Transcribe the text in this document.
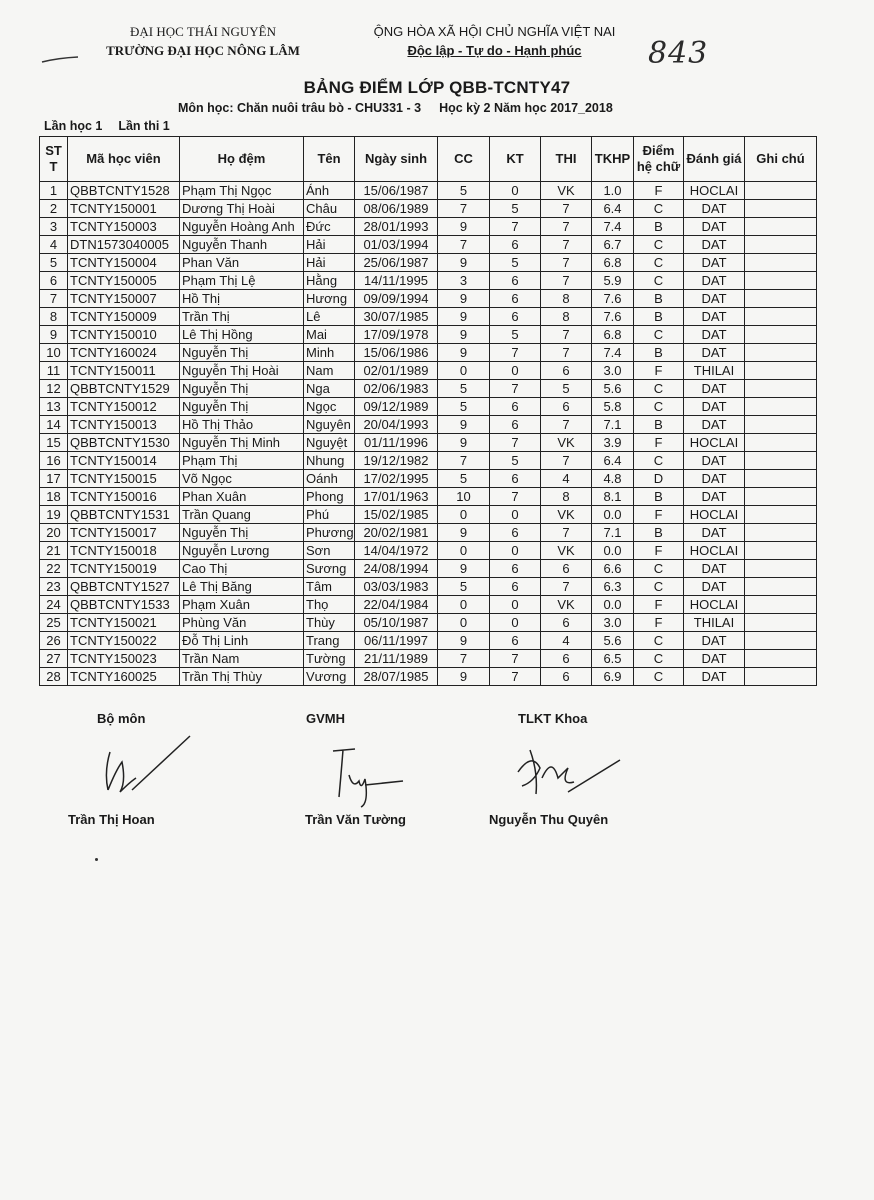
ĐẠI HỌC THÁI NGUYÊN
TRƯỜNG ĐẠI HỌC NÔNG LÂM
ỘNG HÒA XÃ HỘI CHỦ NGHĨA VIỆT NAI
Độc lập - Tự do - Hạnh phúc	843
BẢNG ĐIỂM LỚP QBB-TCNTY47
Môn học: Chăn nuôi trâu bò - CHU331 - 3 Học kỳ 2 Năm học 2017_2018
Lần học 1 Lần thi 1
ST T	Mã học viên	Họ đệm	Tên	Ngày sinh	CC	KT	THI	TKHP	Điểm hệ chữ	Đánh giá	Ghi chú
1	QBBTCNTY1528	Phạm Thị Ngọc	Ánh	15/06/1987	5	0	VK	1.0	F	HOCLAI	
2	TCNTY150001	Dương Thị Hoài	Châu	08/06/1989	7	5	7	6.4	C	DAT	
3	TCNTY150003	Nguyễn Hoàng Anh	Đức	28/01/1993	9	7	7	7.4	B	DAT	
4	DTN1573040005	Nguyễn Thanh	Hải	01/03/1994	7	6	7	6.7	C	DAT	
5	TCNTY150004	Phan Văn	Hải	25/06/1987	9	5	7	6.8	C	DAT	
6	TCNTY150005	Phạm Thị Lệ	Hằng	14/11/1995	3	6	7	5.9	C	DAT	
7	TCNTY150007	Hồ Thị	Hương	09/09/1994	9	6	8	7.6	B	DAT	
8	TCNTY150009	Trần Thị	Lê	30/07/1985	9	6	8	7.6	B	DAT	
9	TCNTY150010	Lê Thị Hồng	Mai	17/09/1978	9	5	7	6.8	C	DAT	
10	TCNTY160024	Nguyễn Thị	Minh	15/06/1986	9	7	7	7.4	B	DAT	
11	TCNTY150011	Nguyễn Thị Hoài	Nam	02/01/1989	0	0	6	3.0	F	THILAI	
12	QBBTCNTY1529	Nguyễn Thị	Nga	02/06/1983	5	7	5	5.6	C	DAT	
13	TCNTY150012	Nguyễn Thị	Ngọc	09/12/1989	5	6	6	5.8	C	DAT	
14	TCNTY150013	Hồ Thị Thảo	Nguyên	20/04/1993	9	6	7	7.1	B	DAT	
15	QBBTCNTY1530	Nguyễn Thị Minh	Nguyệt	01/11/1996	9	7	VK	3.9	F	HOCLAI	
16	TCNTY150014	Phạm Thị	Nhung	19/12/1982	7	5	7	6.4	C	DAT	
17	TCNTY150015	Võ Ngọc	Oánh	17/02/1995	5	6	4	4.8	D	DAT	
18	TCNTY150016	Phan Xuân	Phong	17/01/1963	10	7	8	8.1	B	DAT	
19	QBBTCNTY1531	Trần Quang	Phú	15/02/1985	0	0	VK	0.0	F	HOCLAI	
20	TCNTY150017	Nguyễn Thị	Phương	20/02/1981	9	6	7	7.1	B	DAT	
21	TCNTY150018	Nguyễn Lương	Sơn	14/04/1972	0	0	VK	0.0	F	HOCLAI	
22	TCNTY150019	Cao Thị	Sương	24/08/1994	9	6	6	6.6	C	DAT	
23	QBBTCNTY1527	Lê Thị Băng	Tâm	03/03/1983	5	6	7	6.3	C	DAT	
24	QBBTCNTY1533	Phạm Xuân	Thọ	22/04/1984	0	0	VK	0.0	F	HOCLAI	
25	TCNTY150021	Phùng Văn	Thùy	05/10/1987	0	0	6	3.0	F	THILAI	
26	TCNTY150022	Đỗ Thị Linh	Trang	06/11/1997	9	6	4	5.6	C	DAT	
27	TCNTY150023	Trần Nam	Tường	21/11/1989	7	7	6	6.5	C	DAT	
28	TCNTY160025	Trần Thị Thùy	Vương	28/07/1985	9	7	6	6.9	C	DAT	
Bộ môn	GVMH	TLKT Khoa
Trần Thị Hoan	Trần Văn Tường	Nguyễn Thu Quyên
